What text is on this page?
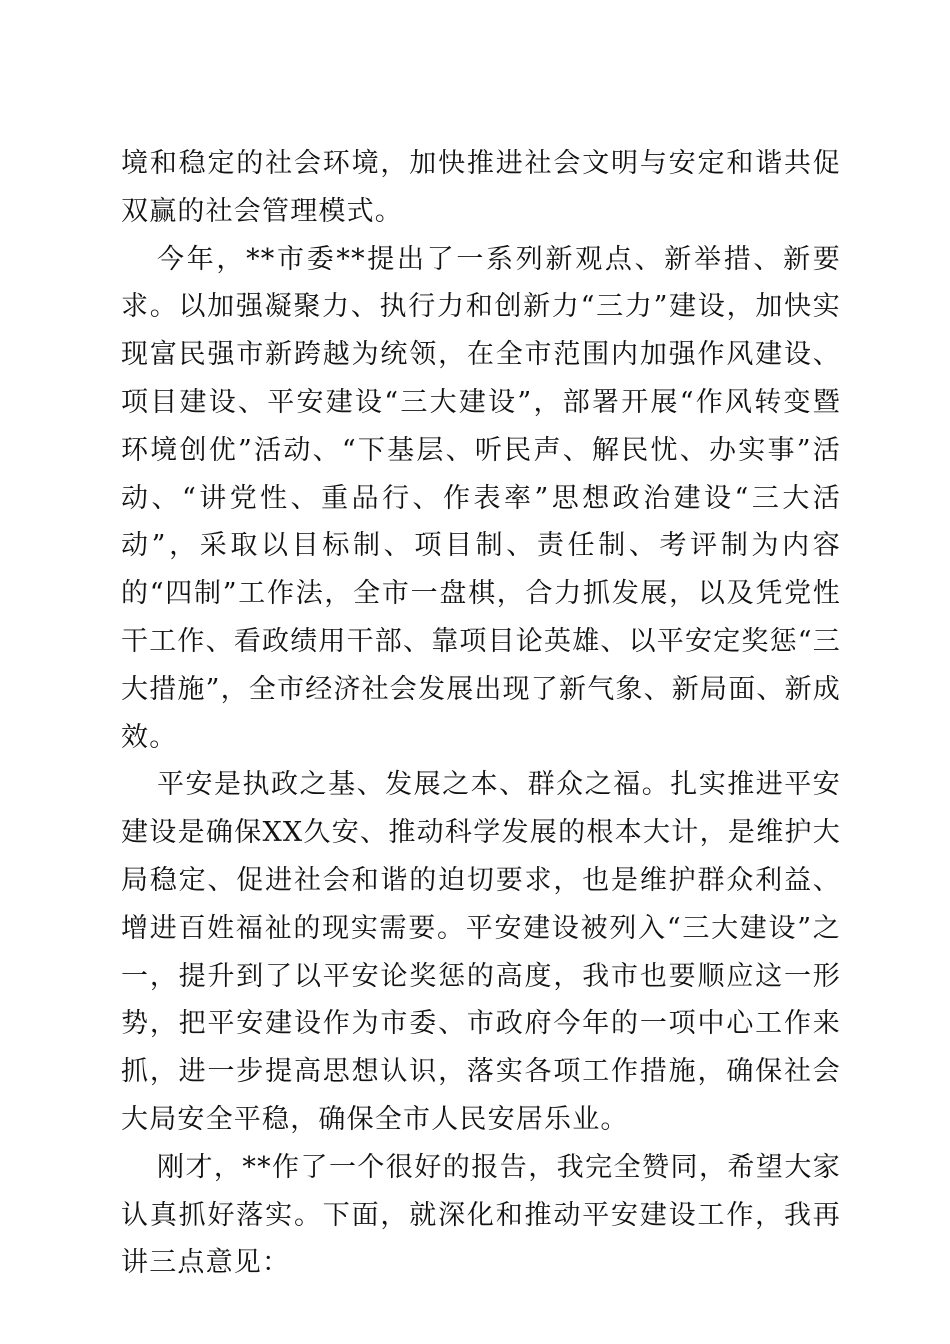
境和稳定的社会环境，加快推进社会文明与安定和谐共促双赢的社会管理模式。

今年，**市委**提出了一系列新观点、新举措、新要求。以加强凝聚力、执行力和创新力“三力”建设，加快实现富民强市新跨越为统领，在全市范围内加强作风建设、项目建设、平安建设“三大建设”，部署开展“作风转变暨环境创优”活动、“下基层、听民声、解民忧、办实事”活动、“讲党性、重品行、作表率”思想政治建设“三大活动”，采取以目标制、项目制、责任制、考评制为内容的“四制”工作法，全市一盘棋，合力抓发展，以及凭党性干工作、看政绩用干部、靠项目论英雄、以平安定奖惩“三大措施”，全市经济社会发展出现了新气象、新局面、新成效。

平安是执政之基、发展之本、群众之福。扎实推进平安建设是确保XX久安、推动科学发展的根本大计，是维护大局稳定、促进社会和谐的迫切要求，也是维护群众利益、增进百姓福祉的现实需要。平安建设被列入“三大建设”之一，提升到了以平安论奖惩的高度，我市也要顺应这一形势，把平安建设作为市委、市政府今年的一项中心工作来抓，进一步提高思想认识，落实各项工作措施，确保社会大局安全平稳，确保全市人民安居乐业。

刚才，**作了一个很好的报告，我完全赞同，希望大家认真抓好落实。下面，就深化和推动平安建设工作，我再讲三点意见：
